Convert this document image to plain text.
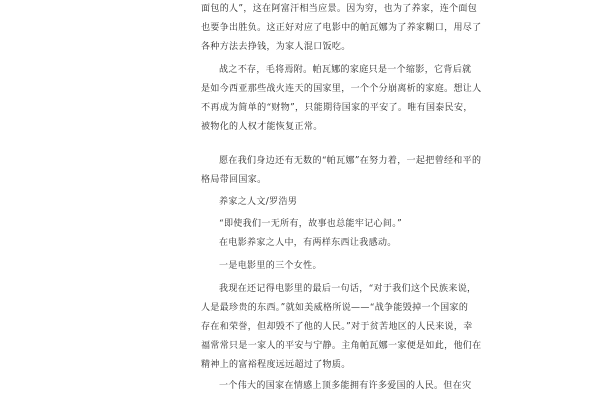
面包的人”，这在阿富汗相当应景。因为穷，也为了养家，连个面包
也要争出胜负。这正好对应了电影中的帕瓦娜为了养家糊口，用尽了
各种方法去挣钱，为家人混口饭吃。
战之不存，毛将焉附。帕瓦娜的家庭只是一个缩影，它背后就
是如今西亚那些战火连天的国家里，一个个分崩离析的家庭。想让人
不再成为简单的“财物”，只能期待国家的平安了。唯有国泰民安，
被物化的人权才能恢复正常。
愿在我们身边还有无数的“帕瓦娜”在努力着，一起把曾经和平的
格局带回国家。
养家之人文/罗浩男
“即使我们一无所有，故事也总能牢记心间。”
在电影养家之人中，有两样东西让我感动。
一是电影里的三个女性。
我现在还记得电影里的最后一句话，“对于我们这个民族来说，
人是最珍贵的东西。”就如美威格所说——“战争能毁掉一个国家的
存在和荣誉，但却毁不了他的人民。”对于贫苦地区的人民来说，幸
福常常只是一家人的平安与宁静。主角帕瓦娜一家便是如此，他们在
精神上的富裕程度远远超过了物质。
一个伟大的国家在情感上顶多能拥有许多爱国的人民。但在灾
